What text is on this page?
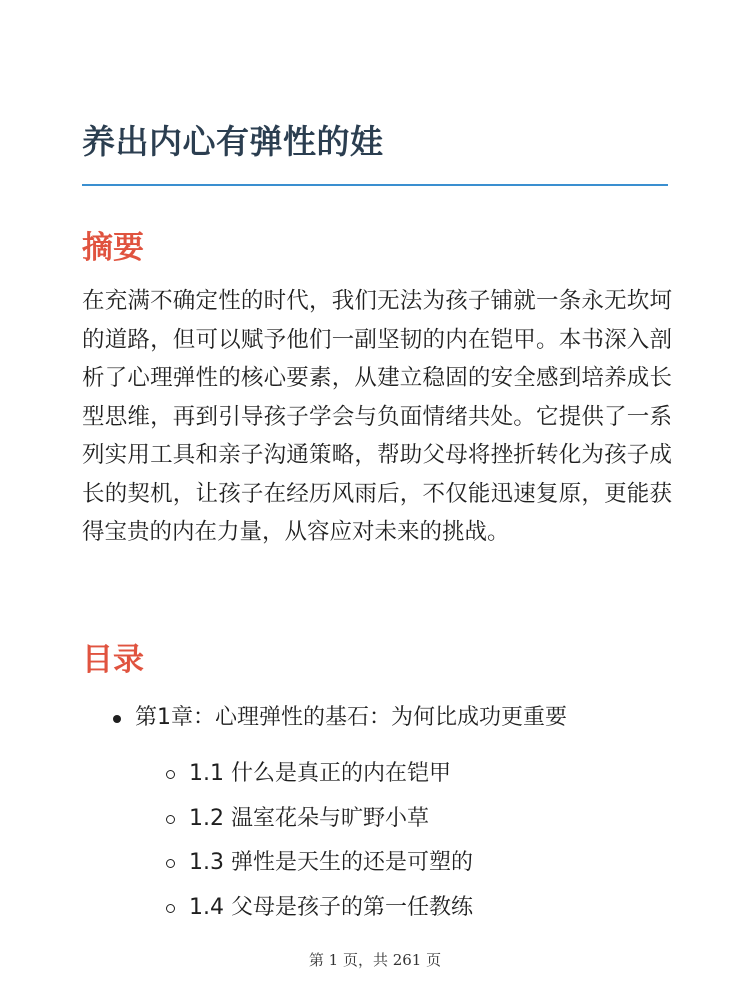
养出内心有弹性的娃
摘要

在充满不确定性的时代，我们无法为孩子铺就一条永无坎坷的道路，但可以赋予他们一副坚韧的内在铠甲。本书深入剖析了心理弹性的核心要素，从建立稳固的安全感到培养成长型思维，再到引导孩子学会与负面情绪共处。它提供了一系列实用工具和亲子沟通策略，帮助父母将挫折转化为孩子成长的契机，让孩子在经历风雨后，不仅能迅速复原，更能获得宝贵的内在力量，从容应对未来的挑战。

目录
第1章：心理弹性的基石：为何比成功更重要
1.1 什么是真正的内在铠甲
1.2 温室花朵与旷野小草
1.3 弹性是天生的还是可塑的
1.4 父母是孩子的第一任教练
第 1 页，共 261 页
